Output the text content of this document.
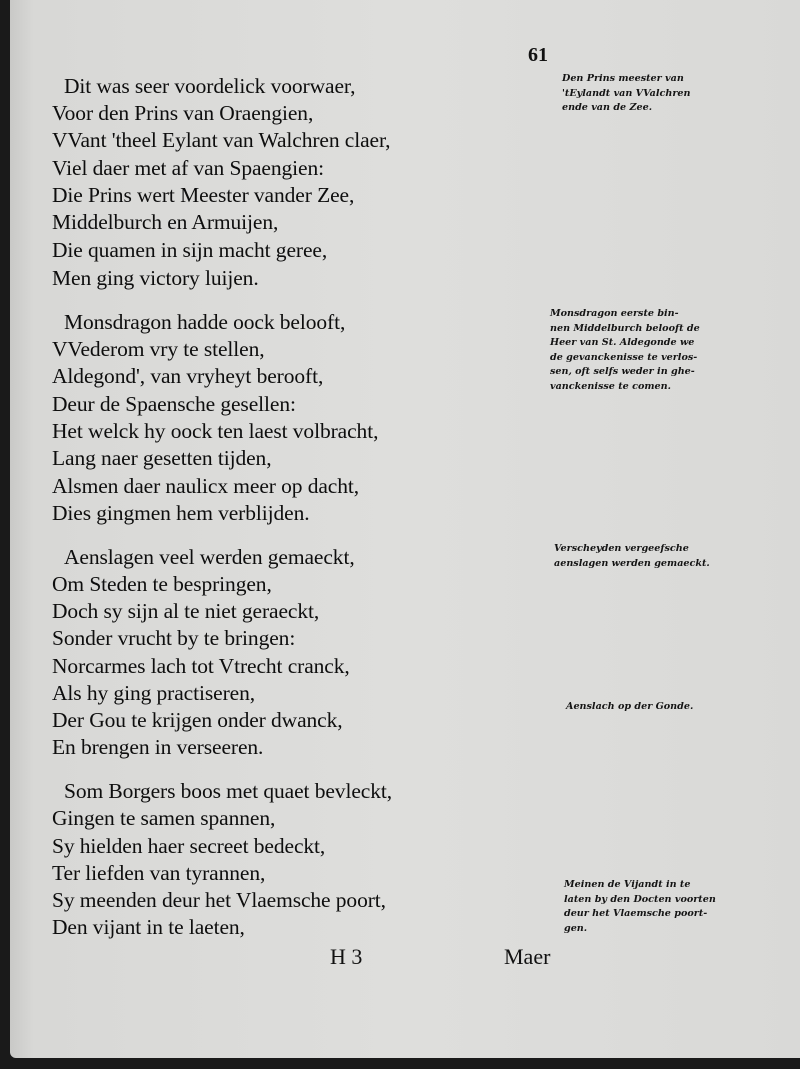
61
Dit was seer voordelick voorwaer,
Voor den Prins van Oraengien,
VVant 'theel Eylant van Walchren claer,
Viel daer met af van Spaengien:
Die Prins wert Meester vander Zee,
Middelburch en Armuijen,
Die quamen in sijn macht geree,
Men ging victory luijen.
Monsdragon hadde oock belooft,
VVederom vry te stellen,
Aldegond', van vryheyt berooft,
Deur de Spaensche gesellen:
Het welck hy oock ten laest volbracht,
Lang naer gesetten tijden,
Alsmen daer naulicx meer op dacht,
Dies gingmen hem verblijden.
Aenslagen veel werden gemaeckt,
Om Steden te bespringen,
Doch sy sijn al te niet geraeckt,
Sonder vrucht by te bringen:
Norcarmes lach tot Vtrecht cranck,
Als hy ging practiseren,
Der Gou te krijgen onder dwanck,
En brengen in verseeren.
Som Borgers boos met quaet bevleckt,
Gingen te samen spannen,
Sy hielden haer secreet bedeckt,
Ter liefden van tyrannen,
Sy meenden deur het Vlaemsche poort,
Den vijant in te laeten,
Den Prins meester van
'tEylandt van VValchren
ende van de Zee.
Monsdragon eerste bin-
nen Middelburch belooft de
Heer van St. Aldegonde we
de gevanckenisse te verlos-
sen, oft selfs weder in ghe-
vanckenisse te comen.
Verscheyden vergeefsche
aenslagen werden gemaeckt.
Aenslach op der Gonde.
Meinen de Vijandt in te
laten by den Docten voorten
deur het Vlaemsche poort-
gen.
H 3	Maer
